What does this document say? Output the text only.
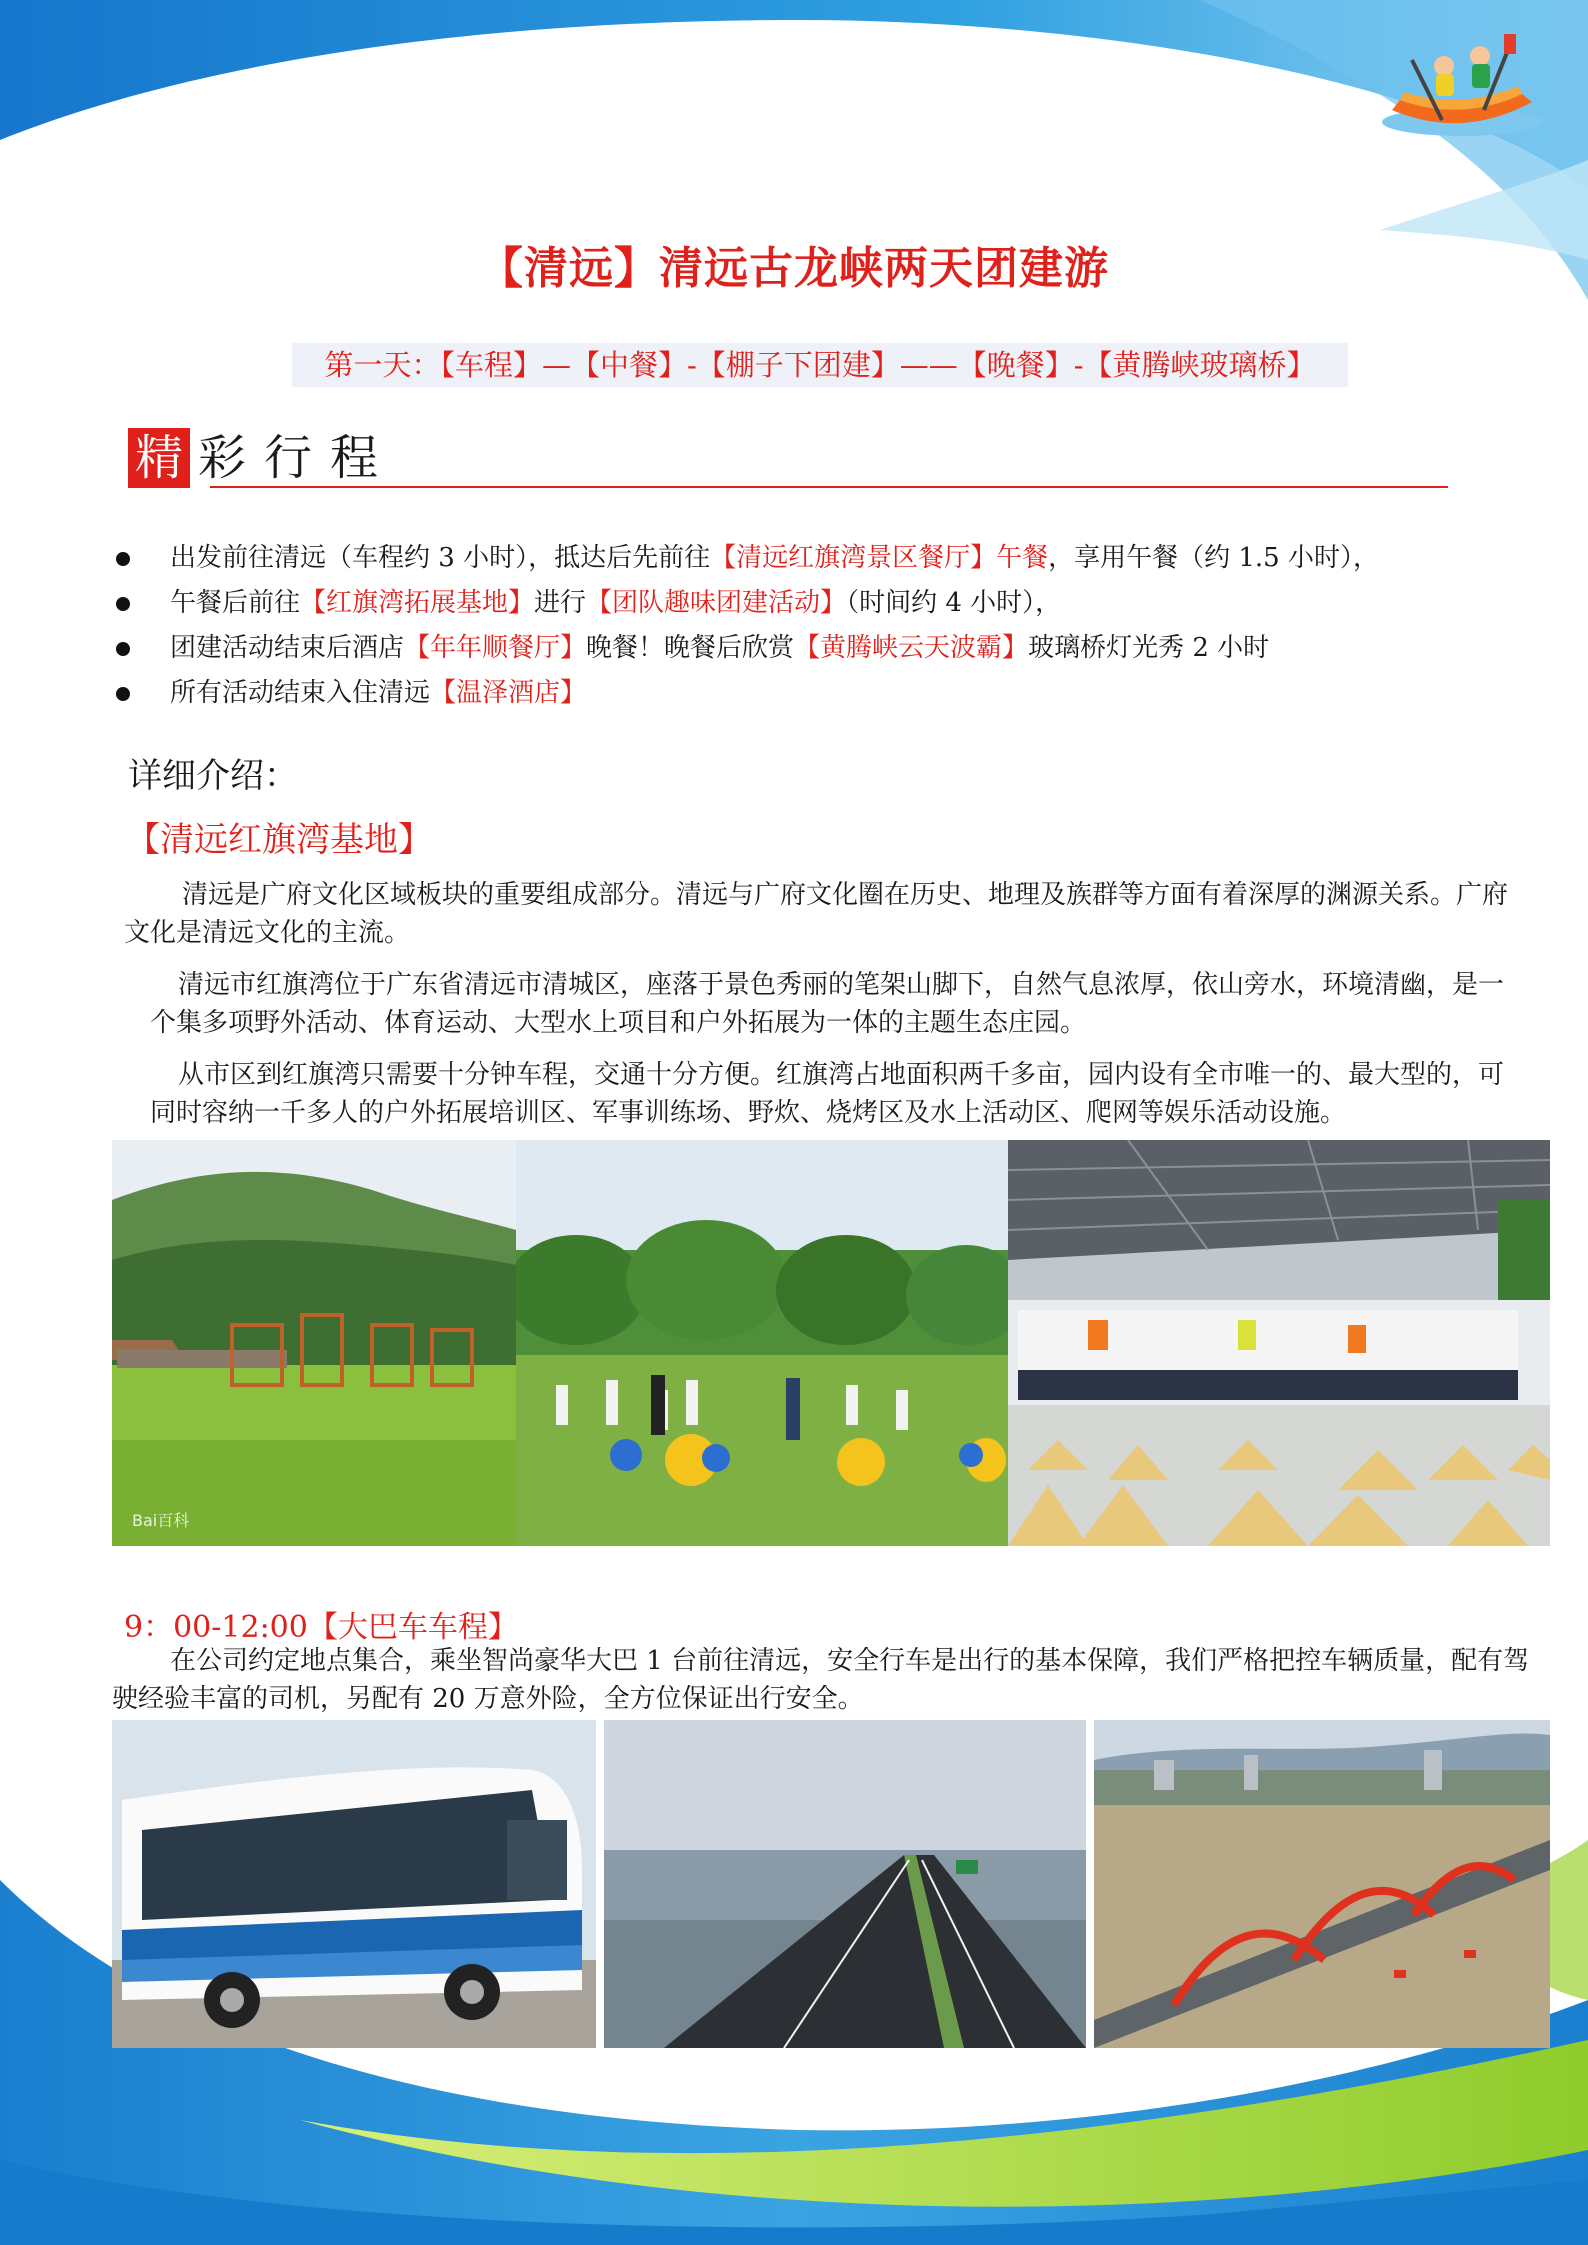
【清远】清远古龙峡两天团建游
第一天：【车程】—【中餐】-【棚子下团建】——【晚餐】-【黄腾峡玻璃桥】
精 彩行程
出发前往清远（车程约 3 小时），抵达后先前往【清远红旗湾景区餐厅】午餐，享用午餐（约 1.5 小时），
午餐后前往【红旗湾拓展基地】进行【团队趣味团建活动】（时间约 4 小时），
团建活动结束后酒店【年年顺餐厅】晚餐！晚餐后欣赏【黄腾峡云天波霸】玻璃桥灯光秀 2 小时
所有活动结束入住清远【温泽酒店】
详细介绍：
【清远红旗湾基地】
清远是广府文化区域板块的重要组成部分。清远与广府文化圈在历史、地理及族群等方面有着深厚的渊源关系。广府文化是清远文化的主流。
清远市红旗湾位于广东省清远市清城区，座落于景色秀丽的笔架山脚下，自然气息浓厚，依山旁水，环境清幽，是一个集多项野外活动、体育运动、大型水上项目和户外拓展为一体的主题生态庄园。
从市区到红旗湾只需要十分钟车程，交通十分方便。红旗湾占地面积两千多亩，园内设有全市唯一的、最大型的，可同时容纳一千多人的户外拓展培训区、军事训练场、野炊、烧烤区及水上活动区、爬网等娱乐活动设施。
Bai百科
9：00-12:00【大巴车车程】
在公司约定地点集合，乘坐智尚豪华大巴 1 台前往清远，安全行车是出行的基本保障，我们严格把控车辆质量，配有驾驶经验丰富的司机，另配有 20 万意外险，全方位保证出行安全。
